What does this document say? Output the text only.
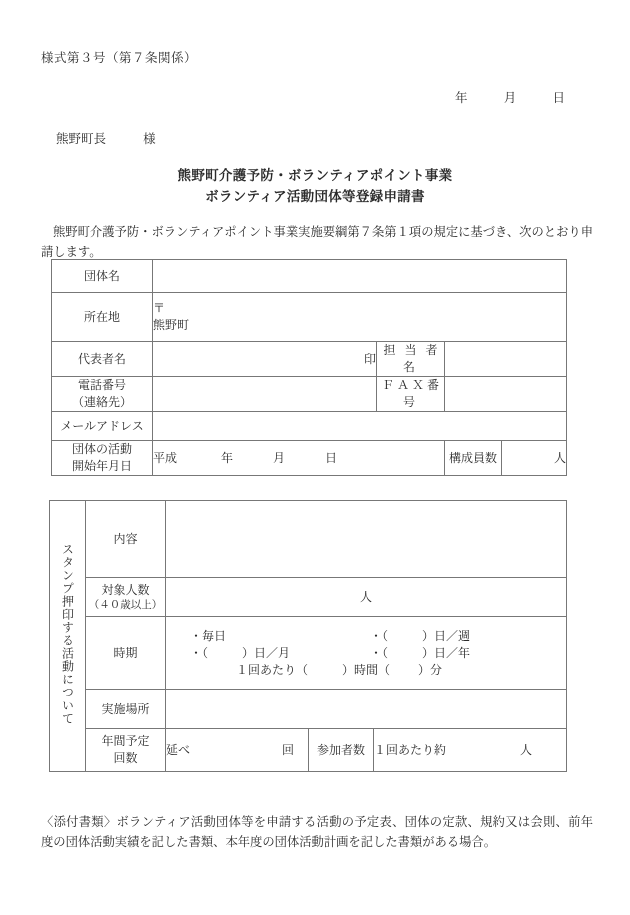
様式第３号（第７条関係）
年	月	日
熊野町長	様
熊野町介護予防・ボランティアポイント事業
ボランティア活動団体等登録申請書
熊野町介護予防・ボランティアポイント事業実施要綱第７条第１項の規定に基づき、次のとおり申請します。
団体名				
所在地	〒
熊野町			

代表者名	印	担 当 者 名		

電話番号
（連絡先）		ＦＡＸ番号		
メールアドレス				

団体の活動
開始年月日	平成 年 月 日		構成員数	人
スタンプ押印する活動について	内容			

	対象人数
（４０歳以上）	人		
	時期	・毎日 ・（ ）日／週
・（ ）日／月 ・（ ）日／年
１回あたり（ ）時間（ ）分		

	実施場所			

	年間予定
回数	延べ 回	参加者数	１回あたり約 人
〈添付書類〉ボランティア活動団体等を申請する活動の予定表、団体の定款、規約又は会則、前年度の団体活動実績を記した書類、本年度の団体活動計画を記した書類がある場合。
